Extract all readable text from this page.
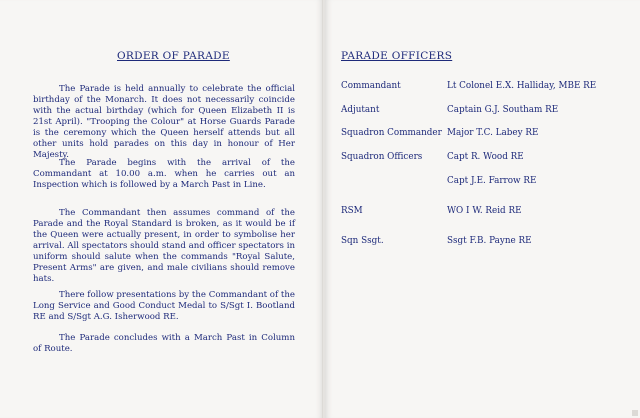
ORDER OF PARADE

The Parade is held annually to celebrate the official birthday of the Monarch. It does not necessarily coincide with the actual birthday (which for Queen Elizabeth II is 21st April). "Trooping the Colour" at Horse Guards Parade is the ceremony which the Queen herself attends but all other units hold parades on this day in honour of Her Majesty.

The Parade begins with the arrival of the Commandant at 10.00 a.m. when he carries out an Inspection which is followed by a March Past in Line.

The Commandant then assumes command of the Parade and the Royal Standard is broken, as it would be if the Queen were actually present, in order to symbolise her arrival. All spectators should stand and officer spectators in uniform should salute when the commands "Royal Salute, Present Arms" are given, and male civilians should remove hats.

There follow presentations by the Commandant of the Long Service and Good Conduct Medal to S/Sgt I. Bootland RE and S/Sgt A.G. Isherwood RE.

The Parade concludes with a March Past in Column of Route.

PARADE OFFICERS
Commandant	Lt Colonel E.X. Halliday, MBE RE
Adjutant	Captain G.J. Southam RE
Squadron Commander Major T.C. Labey RE
Squadron Officers	Capt R. Wood RE
Capt J.E. Farrow RE
RSM	WO I W. Reid RE
Sqn Ssgt.	Ssgt F.B. Payne RE
